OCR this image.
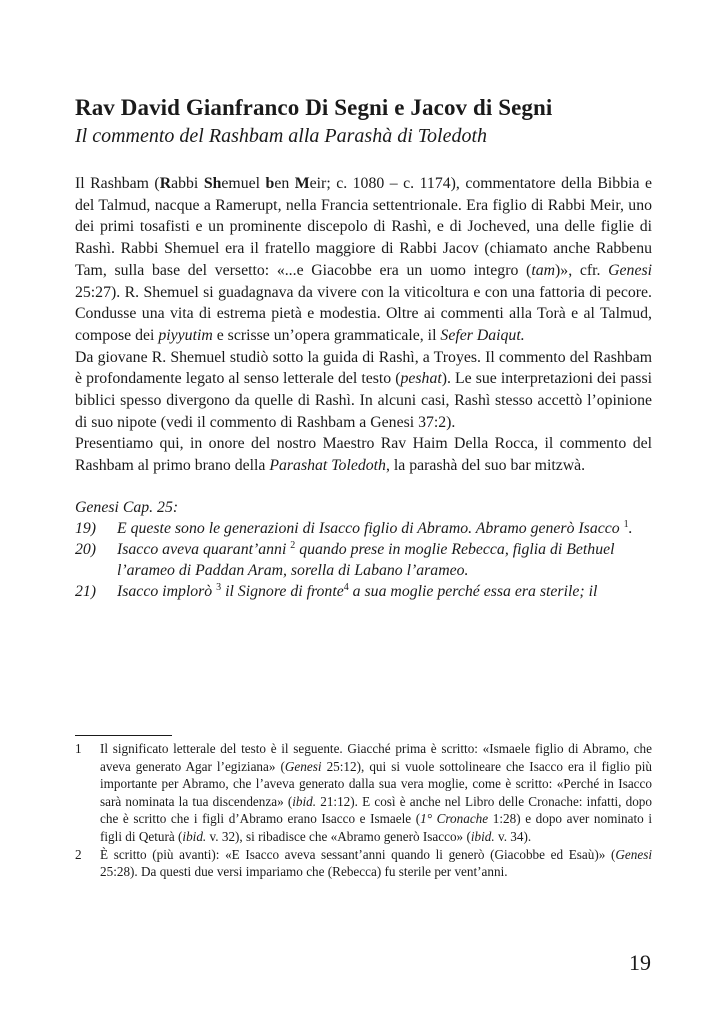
Rav David Gianfranco Di Segni e Jacov di Segni
Il commento del Rashbam alla Parashà di Toledoth

Il Rashbam (Rabbi Shemuel ben Meir; c. 1080 – c. 1174), commentatore della Bibbia e del Talmud, nacque a Ramerupt, nella Francia settentrionale. Era figlio di Rabbi Meir, uno dei primi tosafisti e un prominente discepolo di Rashì, e di Jocheved, una delle figlie di Rashì. Rabbi Shemuel era il fratello maggiore di Rabbi Jacov (chiamato anche Rabbenu Tam, sulla base del versetto: «...e Giacobbe era un uomo integro (tam)», cfr. Genesi 25:27). R. Shemuel si guadagnava da vivere con la viticoltura e con una fattoria di pecore. Condusse una vita di estrema pietà e modestia. Oltre ai commenti alla Torà e al Talmud, compose dei piyyutim e scrisse un’opera grammaticale, il Sefer Daiqut.

Da giovane R. Shemuel studiò sotto la guida di Rashì, a Troyes. Il commento del Rashbam è profondamente legato al senso letterale del testo (peshat). Le sue interpretazioni dei passi biblici spesso divergono da quelle di Rashì. In alcuni casi, Rashì stesso accettò l’opinione di suo nipote (vedi il commento di Rashbam a Genesi 37:2).

Presentiamo qui, in onore del nostro Maestro Rav Haim Della Rocca, il commento del Rashbam al primo brano della Parashat Toledoth, la parashà del suo bar mitzwà.

Genesi Cap. 25:

19)	E queste sono le generazioni di Isacco figlio di Abramo. Abramo generò Isacco $^1$.
20)	Isacco aveva quarant’anni $^2$ quando prese in moglie Rebecca, figlia di Bethuel l’arameo di Paddan Aram, sorella di Labano l’arameo.
21)	Isacco implorò $^3$ il Signore di fronte$^4$ a sua moglie perché essa era sterile; il
1	Il significato letterale del testo è il seguente. Giacché prima è scritto: «Ismaele figlio di Abramo, che aveva generato Agar l’egiziana» (Genesi 25:12), qui si vuole sottolineare che Isacco era il figlio più importante per Abramo, che l’aveva generato dalla sua vera moglie, come è scritto: «Perché in Isacco sarà nominata la tua discendenza» (ibid. 21:12). E così è anche nel Libro delle Cronache: infatti, dopo che è scritto che i figli d’Abramo erano Isacco e Ismaele (1° Cronache 1:28) e dopo aver nominato i figli di Qeturà (ibid. v. 32), si ribadisce che «Abramo generò Isacco» (ibid. v. 34).
2	È scritto (più avanti): «E Isacco aveva sessant’anni quando li generò (Giacobbe ed Esaù)» (Genesi 25:28). Da questi due versi impariamo che (Rebecca) fu sterile per vent’anni.
19
